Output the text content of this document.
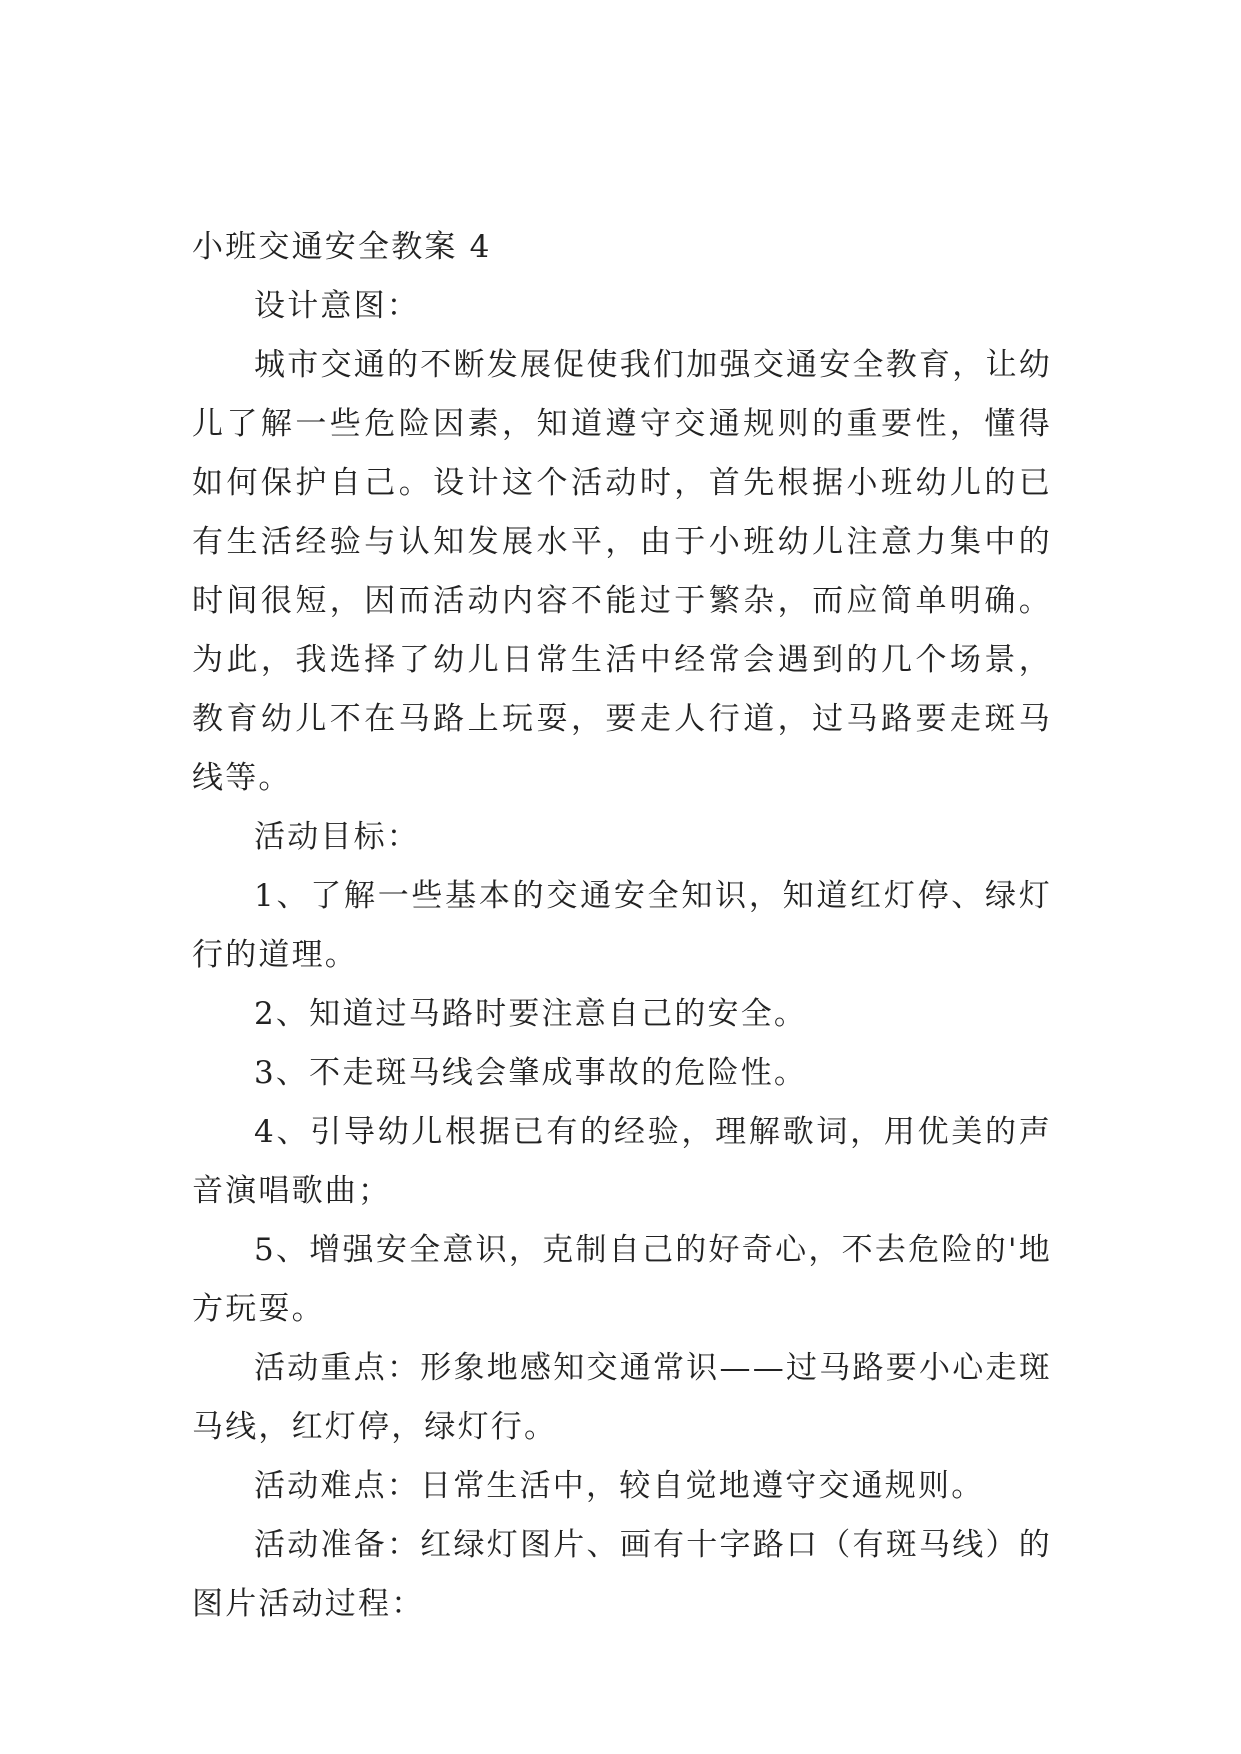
小班交通安全教案 4

设计意图：

城市交通的不断发展促使我们加强交通安全教育，让幼儿了解一些危险因素，知道遵守交通规则的重要性，懂得如何保护自己。设计这个活动时，首先根据小班幼儿的已有生活经验与认知发展水平，由于小班幼儿注意力集中的时间很短，因而活动内容不能过于繁杂，而应简单明确。为此，我选择了幼儿日常生活中经常会遇到的几个场景，教育幼儿不在马路上玩耍，要走人行道，过马路要走斑马线等。

活动目标：

1、了解一些基本的交通安全知识，知道红灯停、绿灯行的道理。

2、知道过马路时要注意自己的安全。

3、不走斑马线会肇成事故的危险性。

4、引导幼儿根据已有的经验，理解歌词，用优美的声音演唱歌曲；

5、增强安全意识，克制自己的好奇心，不去危险的'地方玩耍。

活动重点：形象地感知交通常识——过马路要小心走斑马线，红灯停，绿灯行。

活动难点：日常生活中，较自觉地遵守交通规则。

活动准备：红绿灯图片、画有十字路口（有斑马线）的图片活动过程：
